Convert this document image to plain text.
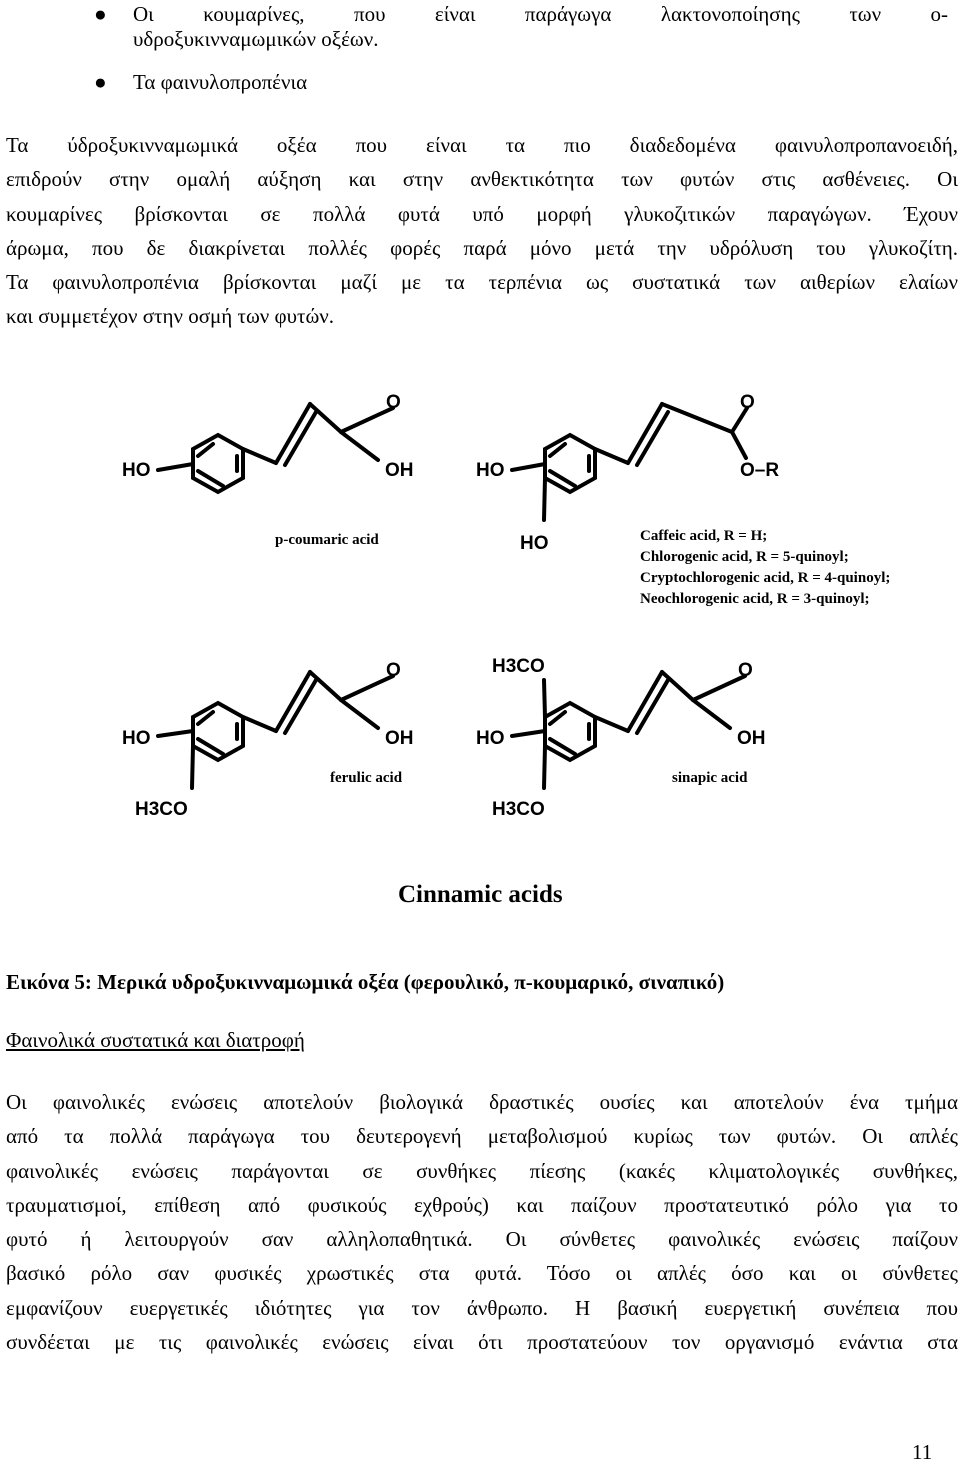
● Οι κουμαρίνες, που είναι παράγωγα λακτονοποίησης των ο-
υδροξυκινναμωμικών οξέων.
● Τα φαινυλοπροπένια
Τα ύδροξυκινναμωμικά οξέα που είναι τα πιο διαδεδομένα φαινυλοπροπανοειδή,
επιδρούν στην ομαλή αύξηση και στην ανθεκτικότητα των φυτών στις ασθένειες. Οι
κουμαρίνες βρίσκονται σε πολλά φυτά υπό μορφή γλυκοζιτικών παραγώγων. Έχουν
άρωμα, που δε διακρίνεται πολλές φορές παρά μόνο μετά την υδρόλυση του γλυκοζίτη.
Τα φαινυλοπροπένια βρίσκονται μαζί με τα τερπένια ως συστατικά των αιθερίων ελαίων
και συμμετέχον στην οσμή των φυτών.
HO
O
OH
p-coumaric acid
HO
HO
O
O–R
Caffeic acid, R = H;
Chlorogenic acid, R = 5-quinoyl;
Cryptochlorogenic acid, R = 4-quinoyl;
Neochlorogenic acid, R = 3-quinoyl;
HO
H3CO
O
OH
ferulic acid
H3CO
HO
H3CO
O
OH
sinapic acid
Cinnamic acids
Εικόνα 5: Μερικά υδροξυκινναμωμικά οξέα (φερουλικό, π-κουμαρικό, σιναπικό)
Φαινολικά συστατικά και διατροφή
Οι φαινολικές ενώσεις αποτελούν βιολογικά δραστικές ουσίες και αποτελούν ένα τμήμα
από τα πολλά παράγωγα του δευτερογενή μεταβολισμού κυρίως των φυτών. Οι απλές
φαινολικές ενώσεις παράγονται σε συνθήκες πίεσης (κακές κλιματολογικές συνθήκες,
τραυματισμοί, επίθεση από φυσικούς εχθρούς) και παίζουν προστατευτικό ρόλο για το
φυτό ή λειτουργούν σαν αλληλοπαθητικά. Οι σύνθετες φαινολικές ενώσεις παίζουν
βασικό ρόλο σαν φυσικές χρωστικές στα φυτά. Τόσο οι απλές όσο και οι σύνθετες
εμφανίζουν ευεργετικές ιδιότητες για τον άνθρωπο. Η βασική ευεργετική συνέπεια που
συνδέεται με τις φαινολικές ενώσεις είναι ότι προστατεύουν τον οργανισμό ενάντια στα
11
